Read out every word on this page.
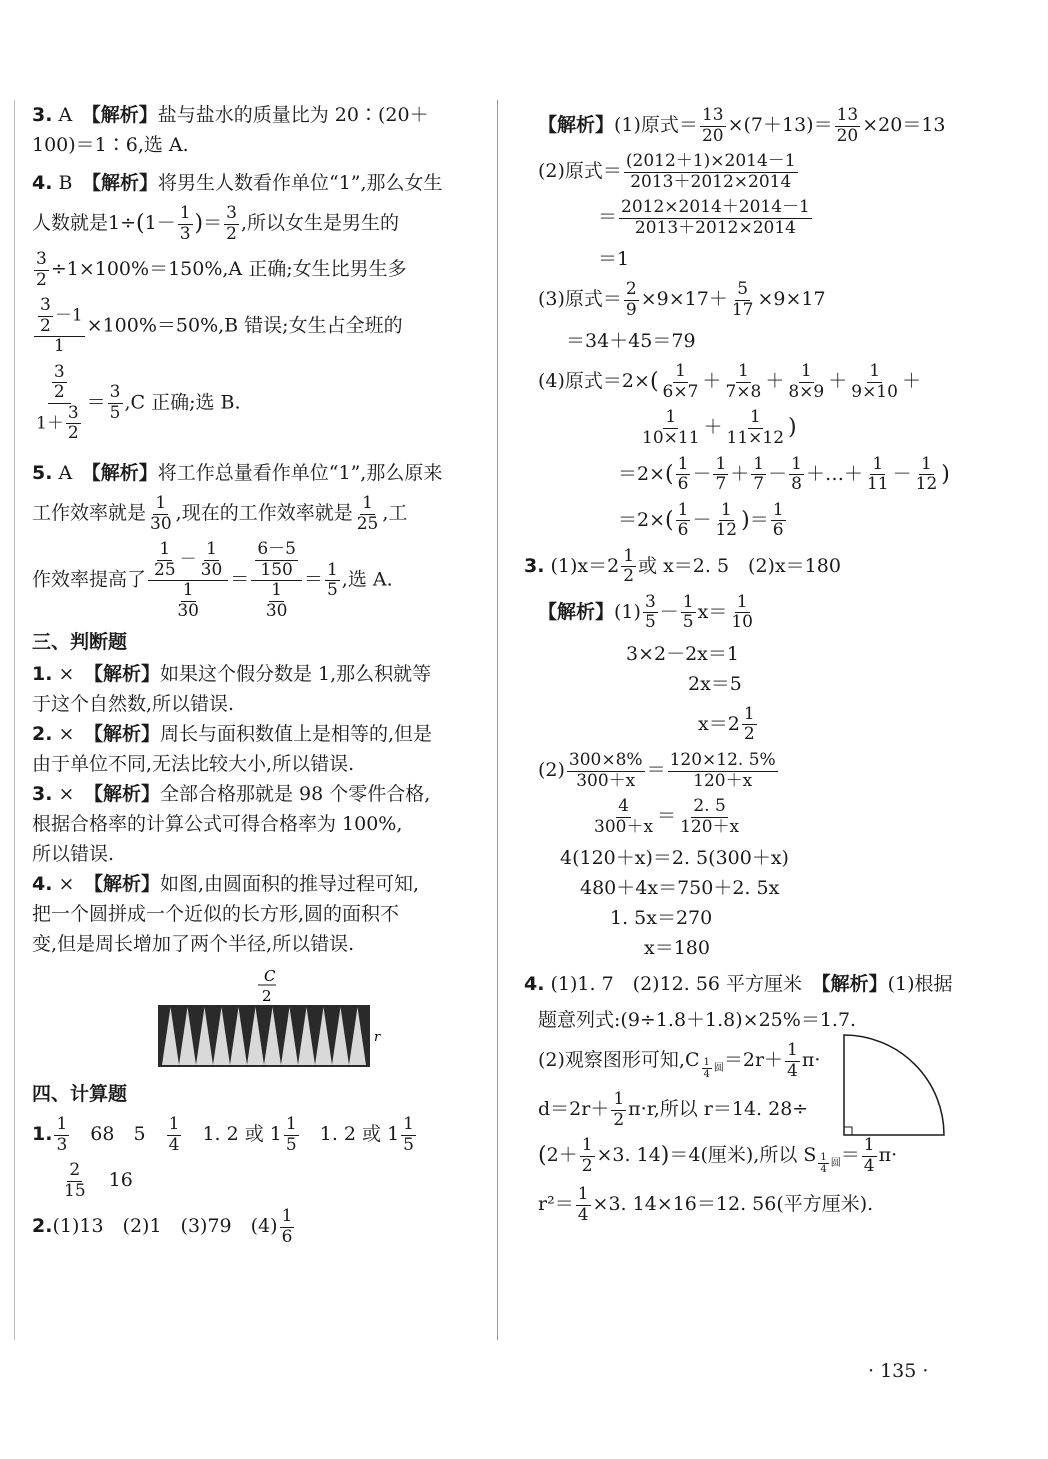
3. A　 【解析】盐与盐水的质量比为 20∶(20＋

100)＝1∶6,选 A.

4. B　 【解析】将男生人数看作单位“1”,那么女生

人数就是$1\div(1- \frac{1}{3}$ )＝ $\frac{3}{2}$ ,所以女生是男生的

$\frac{3}{2} \div 1\times 100\%=150\%,A$ 正确;女生比男生多

$\frac{\frac{3}{2} -1}{1} \times 100\%=50\%,B$ 错误;女生占全班的

$\frac{\frac{3}{2}}{1+ \frac{3}{2}} = \frac{3}{5} ,C$ 正确;选 B.

5. A　 【解析】将工作总量看作单位“1”,那么原来

工作效率就是 $\frac{1}{30}$ ,现在的工作效率就是 $\frac{1}{25}$ ,工

作效率提高了 $\frac{1}{25} - \frac{1}{30}$
1
$30 = \frac{6-5}{150}$
1
$30 = \frac{1}{5}$ ,选 A.

三、判断题

1. ×　 【解析】如果这个假分数是 1,那么积就等

于这个自然数,所以错误.

2. ×　 【解析】周长与面积数值上是相等的,但是

由于单位不同,无法比较大小,所以错误.

3. ×　 【解析】全部合格那就是 98 个零件合格,

根据合格率的计算公式可得合格率为 100%,

所以错误.

4. ×　 【解析】如图,由圆面积的推导过程可知,

把一个圆拼成一个近似的长方形,圆的面积不

变,但是周长增加了两个半径,所以错误.

C
2
r

四、计算题

1. $\frac{1}{3}$
　 68　 5　 $\frac{1}{4}$
　 1. 2 或 $1 \frac{1}{5}$
　 1. 2 或 $1 \frac{1}{5}$

$\frac{2}{15}$
　 16

2.(1)13　(2)1　(3)79　$(4) \frac{1}{6}$

【解析】(1)原式＝ $\frac{13}{20} \times(7+13)= \frac{13}{20} \times 20=13$

(2)原式＝ $\frac{(2012+1)\times 2014-1}{2013+2012\times 2014}$

＝ $\frac{2012\times 2014+2014-1}{2013+2012\times 2014}$

＝1

(3)原式＝ $\frac{2}{9} \times 9\times 17+ \frac{5}{17} \times 9\times 17$

＝34＋45＝79

(4)原式$=2\times( \frac{1}{6\times 7} + \frac{1}{7\times 8} + \frac{1}{8\times 9} + \frac{1}{9\times 10}$ ＋

$\frac{1}{10\times 11} + \frac{1}{11\times 12}$ )

$=2\times( \frac{1}{6} - \frac{1}{7} + \frac{1}{7} - \frac{1}{8}$ ＋…＋ $\frac{1}{11} - \frac{1}{12}$ )

$=2\times( \frac{1}{6} - \frac{1}{12}$ )＝ $\frac{1}{6}$

3. $(1)x=2 \frac{1}{2}$ 或 x＝2. 5　(2)x＝180

【解析】$(1) \frac{3}{5} - \frac{1}{5} x= \frac{1}{10}$

3×2－2x＝1

2x＝5

$x=2 \frac{1}{2}$

$(2) \frac{300\times 8\%}{300+x} = \frac{120\times 12. 5\%}{120+x}$

$\frac{4}{300+x} = \frac{2. 5}{120+x}$

4(120＋x)＝2. 5(300＋x)

480＋4x＝750＋2. 5x

1. 5x＝270

x＝180

4. (1)1. 7　(2)12. 56 平方厘米　【解析】(1)根据

题意列式:(9÷1.8＋1.8)×25%＝1.7.

(2)观察图形可知,C $_{\frac{1}{4} 圆}=2r+ \frac{1}{4} \pi\cdot$

$d=2r+ \frac{1}{2} \pi\cdot r$,所以 r＝14. 28÷

($2+ \frac{1}{2} \times 3$. 14)＝4(厘米),所以 S $_{\frac{1}{4} 圆}= \frac{1}{4} \pi\cdot$

$r^2= \frac{1}{4} \times 3$. 14×16＝12. 56(平方厘米).

· 135 ·
